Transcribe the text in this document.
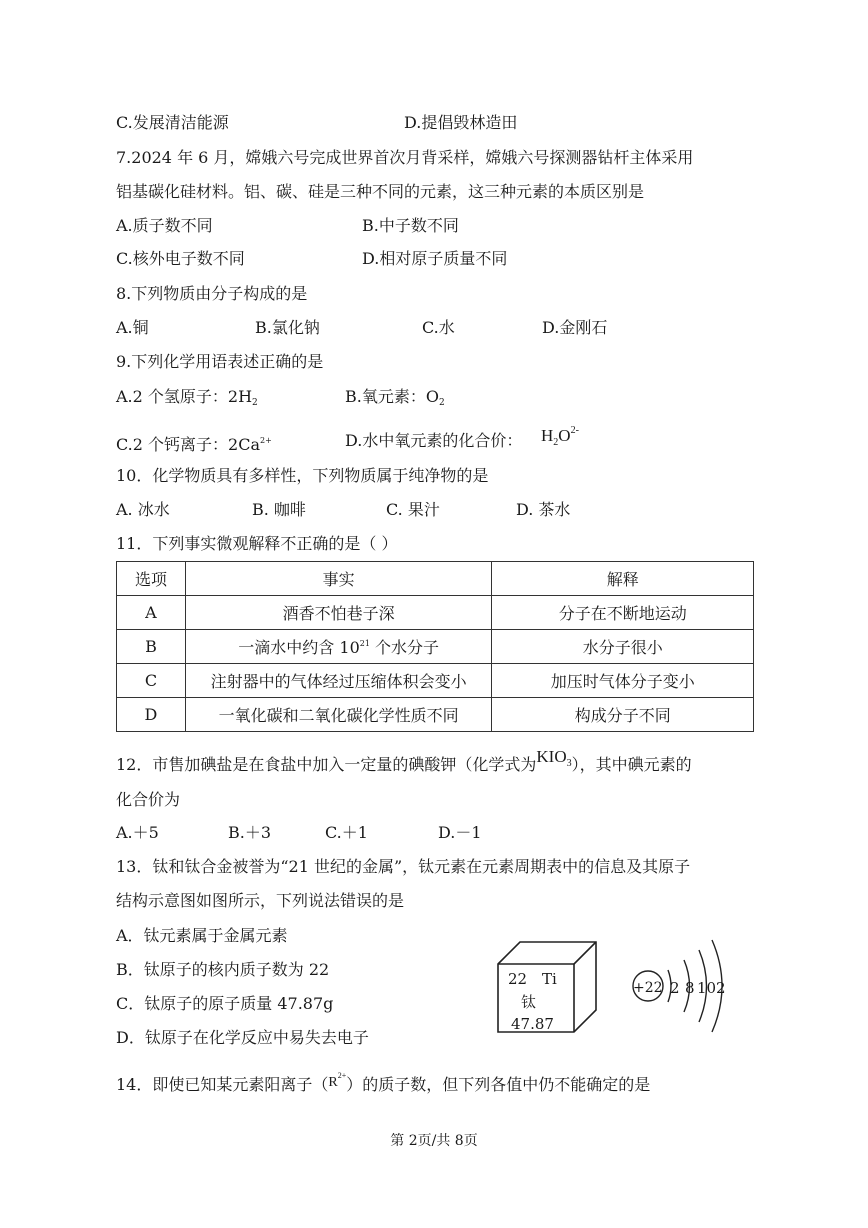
C.发展清洁能源	D.提倡毁林造田
7.2024 年 6 月，嫦娥六号完成世界首次月背采样，嫦娥六号探测器钻杆主体采用
铝基碳化硅材料。铝、碳、硅是三种不同的元素，这三种元素的本质区别是
A.质子数不同	B.中子数不同
C.核外电子数不同	D.相对原子质量不同
8.下列物质由分子构成的是
A.铜	B.氯化钠	C.水	D.金刚石
9.下列化学用语表述正确的是
A.2 个氢原子：$2H_2$	B.氧元素：$O_2$
C.2 个钙离子：$2Ca^{2+}$	D.水中氧元素的化合价： $H_2O^{2-}$
10．化学物质具有多样性，下列物质属于纯净物的是
A. 冰水	B. 咖啡	C. 果汁	D. 茶水
11．下列事实微观解释不正确的是（ ）
选项	事实	解释
A	酒香不怕巷子深	分子在不断地运动
B	一滴水中约含 $10^{21}$ 个水分子	水分子很小
C	注射器中的气体经过压缩体积会变小	加压时气体分子变小
D	一氧化碳和二氧化碳化学性质不同	构成分子不同
12．市售加碘盐是在食盐中加入一定量的碘酸钾（化学式为$KIO_3$），其中碘元素的
化合价为
A.＋5	B.＋3	C.＋1	D.－1
13．钛和钛合金被誉为“21 世纪的金属”，钛元素在元素周期表中的信息及其原子
结构示意图如图所示，下列说法错误的是
A．钛元素属于金属元素
B．钛原子的核内质子数为 22
C．钛原子的原子质量 47.87g
D．钛原子在化学反应中易失去电子
22 Ti
钛
47.87
+22 2 8 10 2
14．即使已知某元素阳离子$(R^{2+})$的质子数，但下列各值中仍不能确定的是
第 2页/共 8页
